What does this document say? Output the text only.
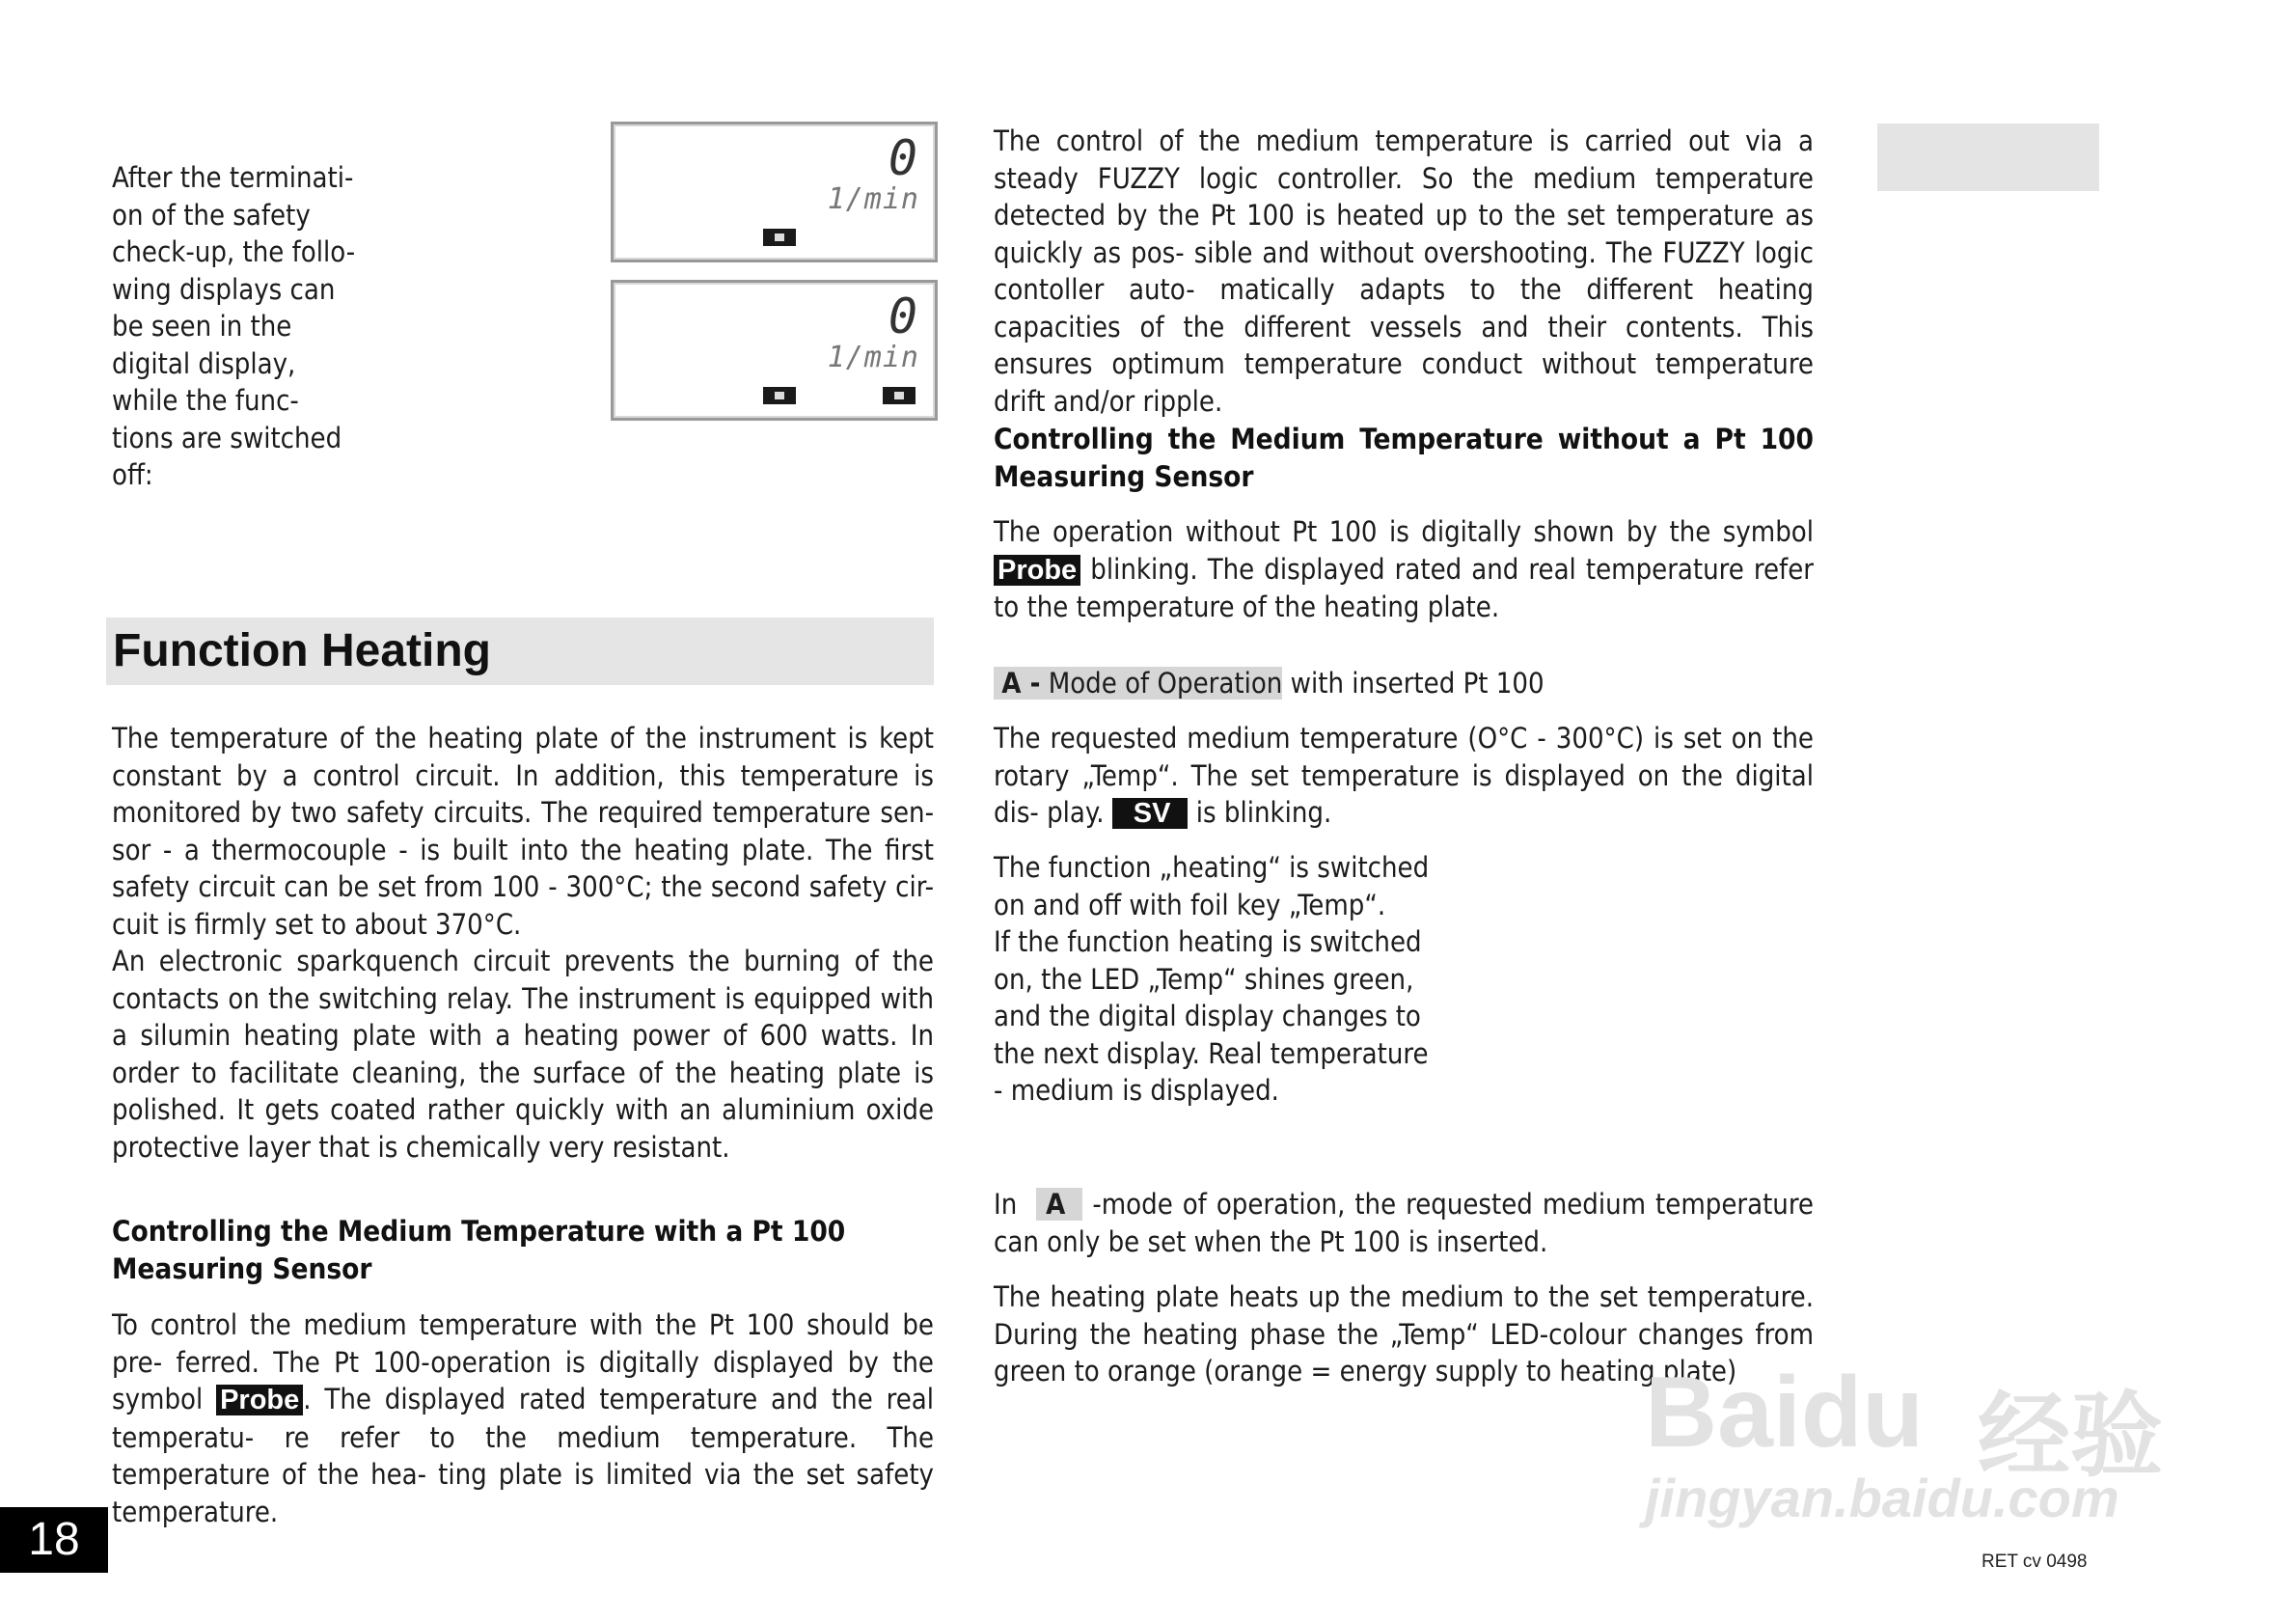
After the terminati-
on of the safety
check-up, the follo-
wing displays can
be seen in the
digital display,
while the func-
tions are switched
off:
0
1/min
0
1/min
Function Heating
The temperature of the heating plate of the instrument is kept constant by a control circuit. In addition, this temperature is monitored by two safety circuits. The required temperature sen- sor - a thermocouple - is built into the heating plate. The first safety circuit can be set from 100 - 300°C; the second safety cir- cuit is firmly set to about 370°C.
An electronic sparkquench circuit prevents the burning of the contacts on the switching relay. The instrument is equipped with a silumin heating plate with a heating power of 600 watts. In order to facilitate cleaning, the surface of the heating plate is polished. It gets coated rather quickly with an aluminium oxide protective layer that is chemically very resistant.
Controlling the Medium Temperature with a Pt 100 Measuring Sensor
To control the medium temperature with the Pt 100 should be pre- ferred. The Pt 100-operation is digitally displayed by the symbol Probe . The displayed rated temperature and the real temperatu- re refer to the medium temperature. The temperature of the hea- ting plate is limited via the set safety temperature.
18
The control of the medium temperature is carried out via a steady FUZZY logic controller. So the medium temperature detected by the Pt 100 is heated up to the set temperature as quickly as pos- sible and without overshooting. The FUZZY logic contoller auto- matically adapts to the different heating capacities of the different vessels and their contents. This ensures optimum temperature conduct without temperature drift and/or ripple.
Controlling the Medium Temperature without a Pt 100 Measuring Sensor
The operation without Pt 100 is digitally shown by the symbol Probe blinking. The displayed rated and real temperature refer to the temperature of the heating plate.
A - Mode of Operation with inserted Pt 100
The requested medium temperature (O°C - 300°C) is set on the rotary „Temp“. The set temperature is displayed on the digital dis- play. SV is blinking.
The function „heating“ is switched
on and off with foil key „Temp“.
If the function heating is switched
on, the LED „Temp“ shines green,
and the digital display changes to
the next display. Real temperature
- medium is displayed.
In A -mode of operation, the requested medium temperature can only be set when the Pt 100 is inserted.
The heating plate heats up the medium to the set temperature. During the heating phase the „Temp“ LED-colour changes from green to orange (orange = energy supply to heating plate)
RET cv 0498
Baidu 经验
jingyan.baidu.com
